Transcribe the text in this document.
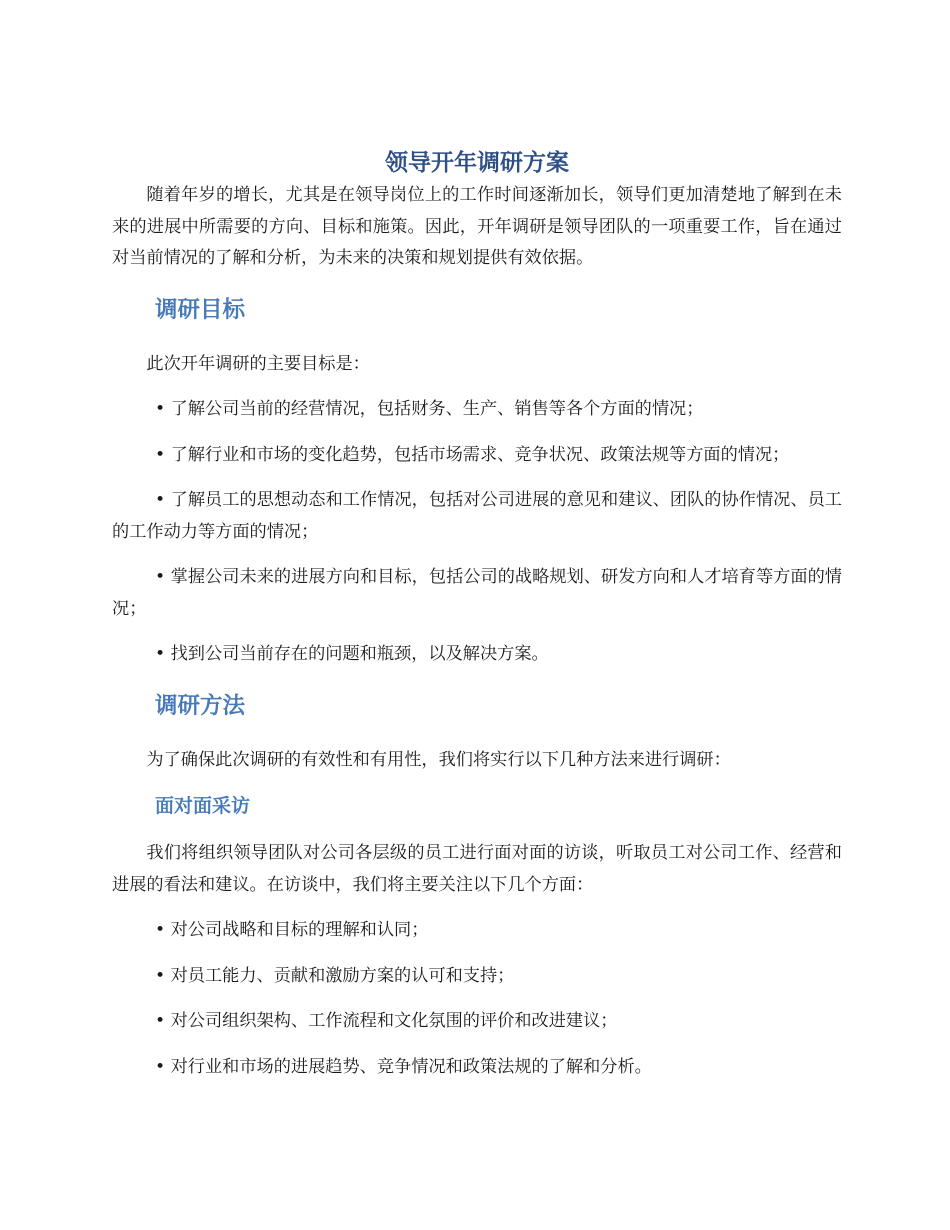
领导开年调研方案

随着年岁的增长，尤其是在领导岗位上的工作时间逐渐加长，领导们更加清楚地了解到在未来的进展中所需要的方向、目标和施策。因此，开年调研是领导团队的一项重要工作，旨在通过对当前情况的了解和分析，为未来的决策和规划提供有效依据。

调研目标

此次开年调研的主要目标是：

• 了解公司当前的经营情况，包括财务、生产、销售等各个方面的情况；

• 了解行业和市场的变化趋势，包括市场需求、竞争状况、政策法规等方面的情况；

• 了解员工的思想动态和工作情况，包括对公司进展的意见和建议、团队的协作情况、员工的工作动力等方面的情况；

• 掌握公司未来的进展方向和目标，包括公司的战略规划、研发方向和人才培育等方面的情况；

• 找到公司当前存在的问题和瓶颈，以及解决方案。

调研方法

为了确保此次调研的有效性和有用性，我们将实行以下几种方法来进行调研：

面对面采访

我们将组织领导团队对公司各层级的员工进行面对面的访谈，听取员工对公司工作、经营和进展的看法和建议。在访谈中，我们将主要关注以下几个方面：

• 对公司战略和目标的理解和认同；

• 对员工能力、贡献和激励方案的认可和支持；

• 对公司组织架构、工作流程和文化氛围的评价和改进建议；

• 对行业和市场的进展趋势、竞争情况和政策法规的了解和分析。
